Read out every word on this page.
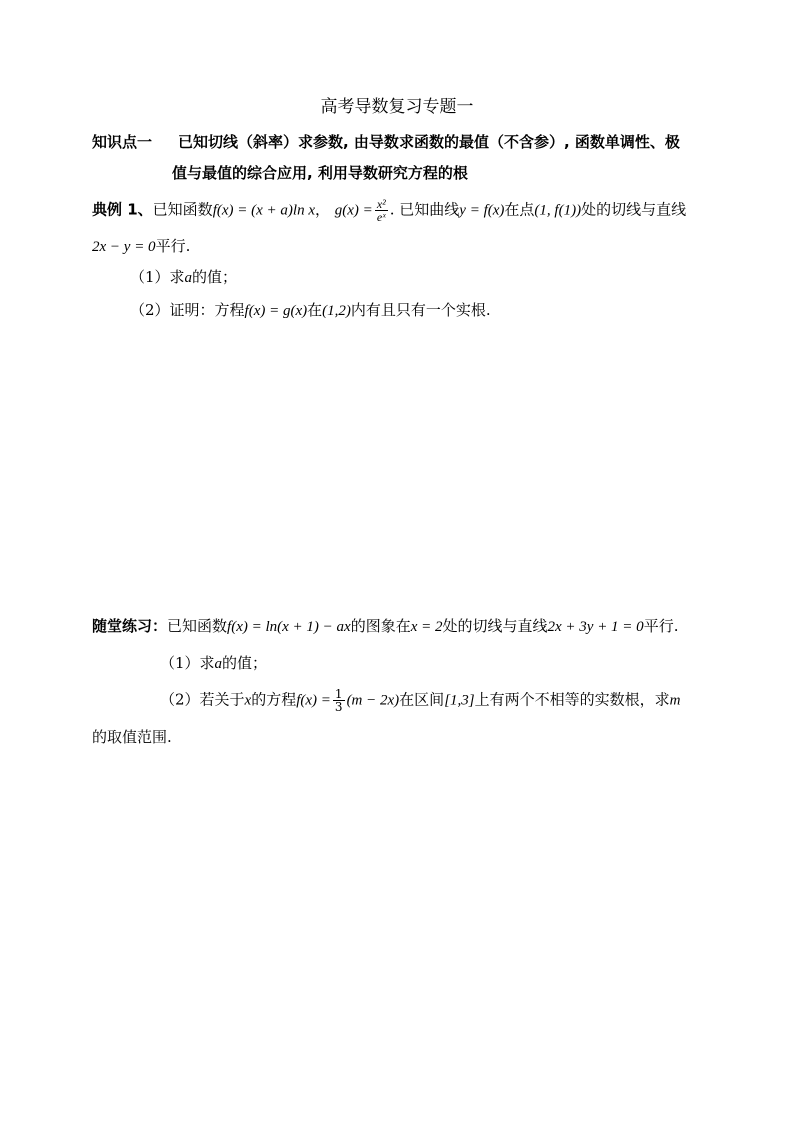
高考导数复习专题一
知识点一 已知切线（斜率）求参数, 由导数求函数的最值（不含参）, 函数单调性、极
值与最值的综合应用, 利用导数研究方程的根
典例 1、已知函数f(x) = (x + a)ln x， $g(x) = \frac{\text{x²}}{\text{eˣ}}$ . 已知曲线y = f(x)在点(1, f(1))处的切线与直线
2x − y = 0平行.
（1）求a的值；
（2）证明：方程f(x) = g(x)在(1,2)内有且只有一个实根.
随堂练习：已知函数f(x) = ln(x + 1) − ax的图象在x = 2处的切线与直线2x + 3y + 1 = 0平行.
（1）求a的值；
（2）若关于x的方程$f(x) = \frac{1}{3} (m - 2x)$在区间[1,3]上有两个不相等的实数根，求m
的取值范围.
